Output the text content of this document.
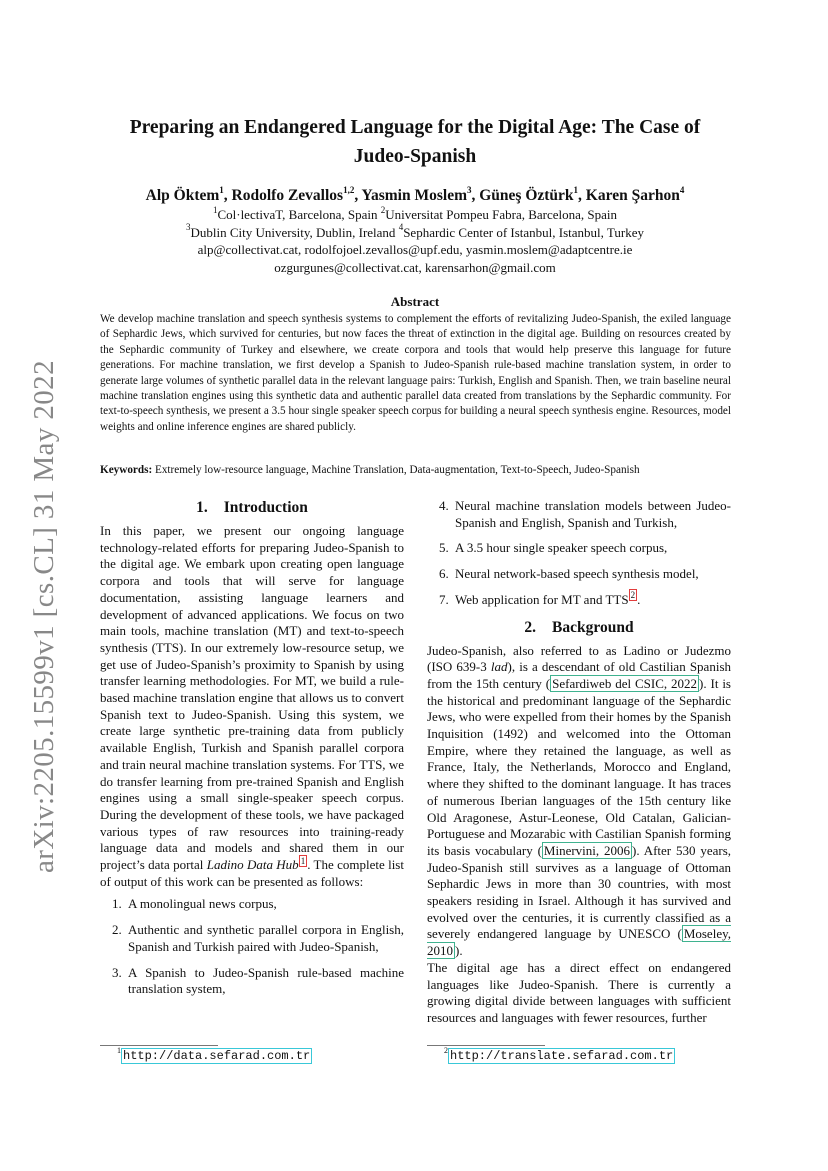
arXiv:2205.15599v1 [cs.CL] 31 May 2022
Preparing an Endangered Language for the Digital Age: The Case of
Judeo-Spanish
Alp Öktem$^1$, Rodolfo Zevallos$^{1,2}$, Yasmin Moslem$^3$, Güneş Öztürk$^1$, Karen Şarhon$^4$
$^1$Col·lectivaT, Barcelona, Spain $^2$Universitat Pompeu Fabra, Barcelona, Spain
$^3$Dublin City University, Dublin, Ireland $^4$Sephardic Center of Istanbul, Istanbul, Turkey
alp@collectivat.cat, rodolfojoel.zevallos@upf.edu, yasmin.moslem@adaptcentre.ie
ozgurgunes@collectivat.cat, karensarhon@gmail.com
Abstract
We develop machine translation and speech synthesis systems to complement the efforts of revitalizing Judeo-Spanish, the exiled language of Sephardic Jews, which survived for centuries, but now faces the threat of extinction in the digital age. Building on resources created by the Sephardic community of Turkey and elsewhere, we create corpora and tools that would help preserve this language for future generations. For machine translation, we first develop a Spanish to Judeo-Spanish rule-based machine translation system, in order to generate large volumes of synthetic parallel data in the relevant language pairs: Turkish, English and Spanish. Then, we train baseline neural machine translation engines using this synthetic data and authentic parallel data created from translations by the Sephardic community. For text-to-speech synthesis, we present a 3.5 hour single speaker speech corpus for building a neural speech synthesis engine. Resources, model weights and online inference engines are shared publicly.
Keywords: Extremely low-resource language, Machine Translation, Data-augmentation, Text-to-Speech, Judeo-Spanish
1. Introduction

In this paper, we present our ongoing language technology-related efforts for preparing Judeo-Spanish to the digital age. We embark upon creating open language corpora and tools that will serve for language documentation, assisting language learners and development of advanced applications. We focus on two main tools, machine translation (MT) and text-to-speech synthesis (TTS). In our extremely low-resource setup, we get use of Judeo-Spanish’s proximity to Spanish by using transfer learning methodologies. For MT, we build a rule-based machine translation engine that allows us to convert Spanish text to Judeo-Spanish. Using this system, we create large synthetic pre-training data from publicly available English, Turkish and Spanish parallel corpora and train neural machine translation systems. For TTS, we do transfer learning from pre-trained Spanish and English engines using a small single-speaker speech corpus. During the development of these tools, we have packaged various types of raw resources into training-ready language data and models and shared them in our project’s data portal Ladino Data Hub $^1$ . The complete list of output of this work can be presented as follows:

1. A monolingual news corpus,
2. Authentic and synthetic parallel corpora in English, Spanish and Turkish paired with Judeo-Spanish,
3. A Spanish to Judeo-Spanish rule-based machine translation system,
4. Neural machine translation models between Judeo-Spanish and English, Spanish and Turkish,
5. A 3.5 hour single speaker speech corpus,
6. Neural network-based speech synthesis model,
7. Web application for MT and TTS $^2$ .
2. Background

Judeo-Spanish, also referred to as Ladino or Judezmo (ISO 639-3 lad), is a descendant of old Castilian Spanish from the 15th century ( Sefardiweb del CSIC, 2022 ). It is the historical and predominant language of the Sephardic Jews, who were expelled from their homes by the Spanish Inquisition (1492) and welcomed into the Ottoman Empire, where they retained the language, as well as France, Italy, the Netherlands, Morocco and England, where they shifted to the dominant language. It has traces of numerous Iberian languages of the 15th century like Old Aragonese, Astur-Leonese, Old Catalan, Galician-Portuguese and Mozarabic with Castilian Spanish forming its basis vocabulary ( Minervini, 2006 ). After 530 years, Judeo-Spanish still survives as a language of Ottoman Sephardic Jews in more than 30 countries, with most speakers residing in Israel. Although it has survived and evolved over the centuries, it is currently classified as a severely endangered language by UNESCO ( Moseley, 2010 ).

The digital age has a direct effect on endangered languages like Judeo-Spanish. There is currently a growing digital divide between languages with sufficient resources and languages with fewer resources, further

$^1$ http://data.sefarad.com.tr	$^2$ http://translate.sefarad.com.tr
